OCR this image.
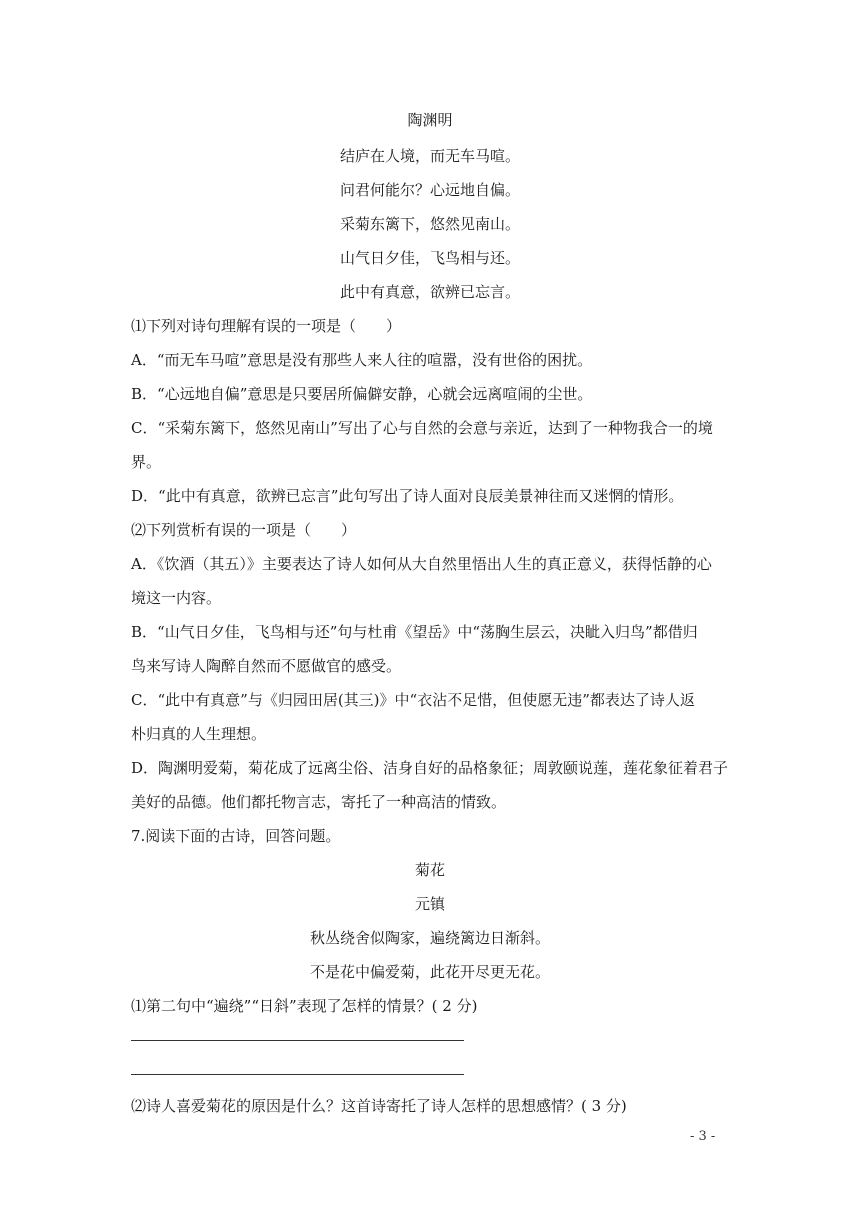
陶渊明
结庐在人境，而无车马喧。
问君何能尔？心远地自偏。
采菊东篱下，悠然见南山。
山气日夕佳，飞鸟相与还。
此中有真意，欲辨已忘言。
⑴下列对诗句理解有误的一项是（　　）
A．“而无车马喧”意思是没有那些人来人往的喧嚣，没有世俗的困扰。
B．“心远地自偏”意思是只要居所偏僻安静，心就会远离喧闹的尘世。
C．“采菊东篱下，悠然见南山”写出了心与自然的会意与亲近，达到了一种物我合一的境
界。
D．“此中有真意，欲辨已忘言”此句写出了诗人面对良辰美景神往而又迷惘的情形。
⑵下列赏析有误的一项是（　　）
A．《饮酒（其五）》主要表达了诗人如何从大自然里悟出人生的真正意义，获得恬静的心
境这一内容。
B．“山气日夕佳，飞鸟相与还”句与杜甫《望岳》中“荡胸生层云，决眦入归鸟”都借归
鸟来写诗人陶醉自然而不愿做官的感受。
C．“此中有真意”与《归园田居(其三)》中“衣沾不足惜，但使愿无违”都表达了诗人返
朴归真的人生理想。
D．陶渊明爱菊，菊花成了远离尘俗、洁身自好的品格象征；周敦颐说莲，莲花象征着君子
美好的品德。他们都托物言志，寄托了一种高洁的情致。
7.阅读下面的古诗，回答问题。
菊花
元镇
秋丛绕舍似陶家，遍绕篱边日渐斜。
不是花中偏爱菊，此花开尽更无花。
⑴第二句中“遍绕”“日斜”表现了怎样的情景？( 2 分)
⑵诗人喜爱菊花的原因是什么？这首诗寄托了诗人怎样的思想感情？( 3 分)
- 3 -
